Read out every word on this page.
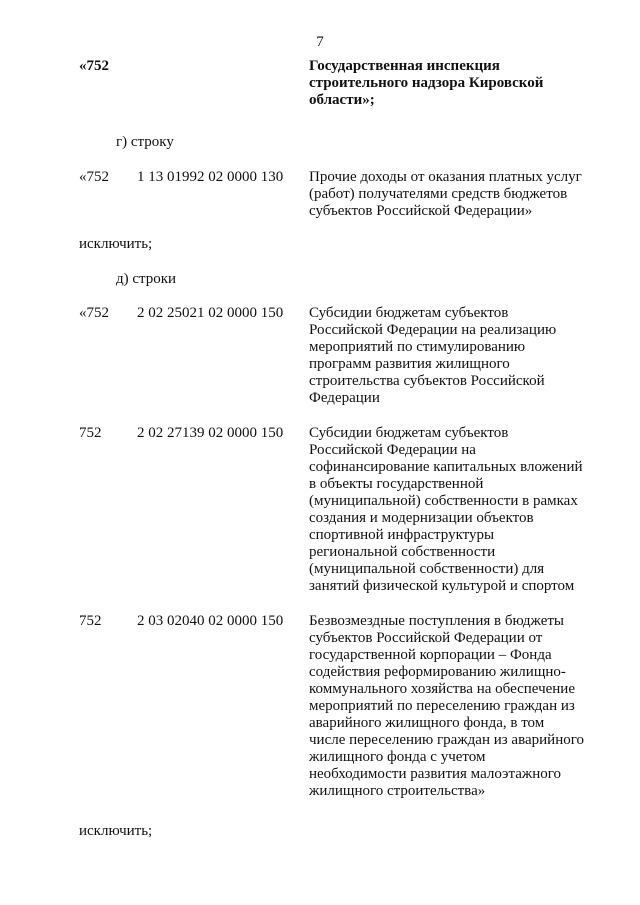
7
«752	Государственная инспекция
строительного надзора Кировской
области»;
г) строку
«752 1 13 01992 02 0000 130 Прочие доходы от оказания платных услуг
(работ) получателями средств бюджетов
субъектов Российской Федерации»
исключить;
д) строки
«752 2 02 25021 02 0000 150 Субсидии бюджетам субъектов
Российской Федерации на реализацию
мероприятий по стимулированию
программ развития жилищного
строительства субъектов Российской
Федерации
752 2 02 27139 02 0000 150 Субсидии бюджетам субъектов
Российской Федерации на
софинансирование капитальных вложений
в объекты государственной
(муниципальной) собственности в рамках
создания и модернизации объектов
спортивной инфраструктуры
региональной собственности
(муниципальной собственности) для
занятий физической культурой и спортом
752 2 03 02040 02 0000 150 Безвозмездные поступления в бюджеты
субъектов Российской Федерации от
государственной корпорации – Фонда
содействия реформированию жилищно-
коммунального хозяйства на обеспечение
мероприятий по переселению граждан из
аварийного жилищного фонда, в том
числе переселению граждан из аварийного
жилищного фонда с учетом
необходимости развития малоэтажного
жилищного строительства»
исключить;
